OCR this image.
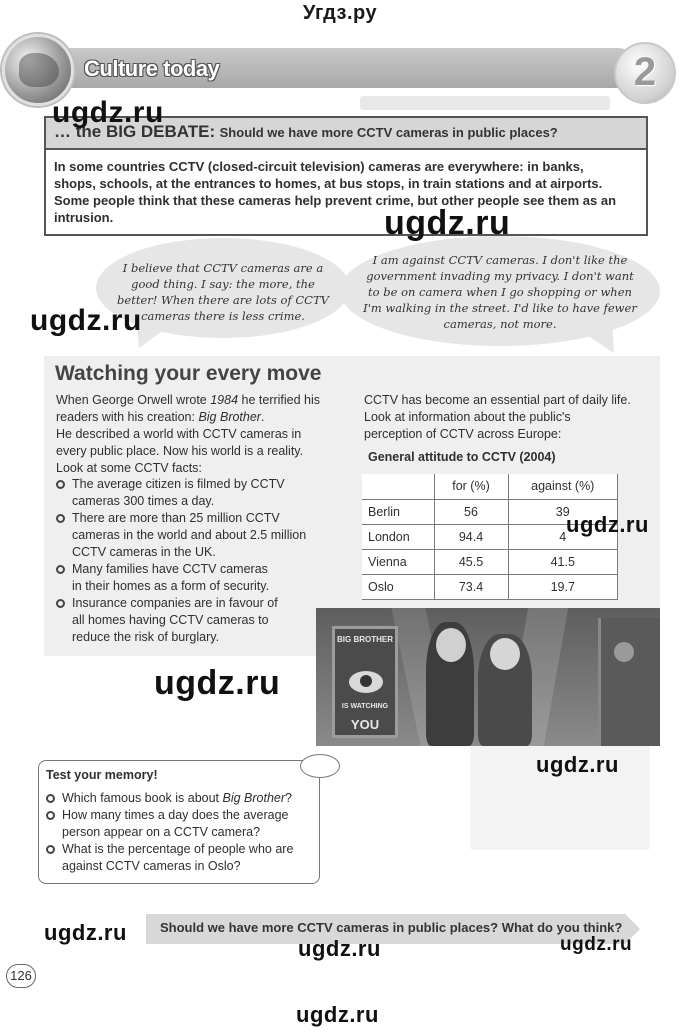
Угдз.ру
Culture today	2
… the BIG DEBATE: Should we have more CCTV cameras in public places?
In some countries CCTV (closed-circuit television) cameras are everywhere: in banks,
shops, schools, at the entrances to homes, at bus stops, in train stations and at airports.
Some people think that these cameras help prevent crime, but other people see them as an
intrusion.
I believe that CCTV cameras are a
good thing. I say: the more, the
better! When there are lots of CCTV
cameras there is less crime.
I am against CCTV cameras. I don't like the
government invading my privacy. I don't want
to be on camera when I go shopping or when
I'm walking in the street. I'd like to have fewer
cameras, not more.
Watching your every move
When George Orwell wrote 1984 he terrified his
readers with his creation: Big Brother.
He described a world with CCTV cameras in
every public place. Now his world is a reality.
Look at some CCTV facts:
The average citizen is filmed by CCTV
cameras 300 times a day.
There are more than 25 million CCTV
cameras in the world and about 2.5 million
CCTV cameras in the UK.
Many families have CCTV cameras
in their homes as a form of security.
Insurance companies are in favour of
all homes having CCTV cameras to
reduce the risk of burglary.
CCTV has become an essential part of daily life.
Look at information about the public's
perception of CCTV across Europe:
General attitude to CCTV (2004)
	for (%)	against (%)
Berlin	56	39
London	94.4	4
Vienna	45.5	41.5
Oslo	73.4	19.7
BIG BROTHER
IS WATCHING
YOU
Test your memory!
Which famous book is about Big Brother?
How many times a day does the average
person appear on a CCTV camera?
What is the percentage of people who are
against CCTV cameras in Oslo?
Should we have more CCTV cameras in public places? What do you think?
126
ugdz.ru
ugdz.ru
ugdz.ru
ugdz.ru
ugdz.ru
ugdz.ru
ugdz.ru
ugdz.ru	ugdz.ru
ugdz.ru
